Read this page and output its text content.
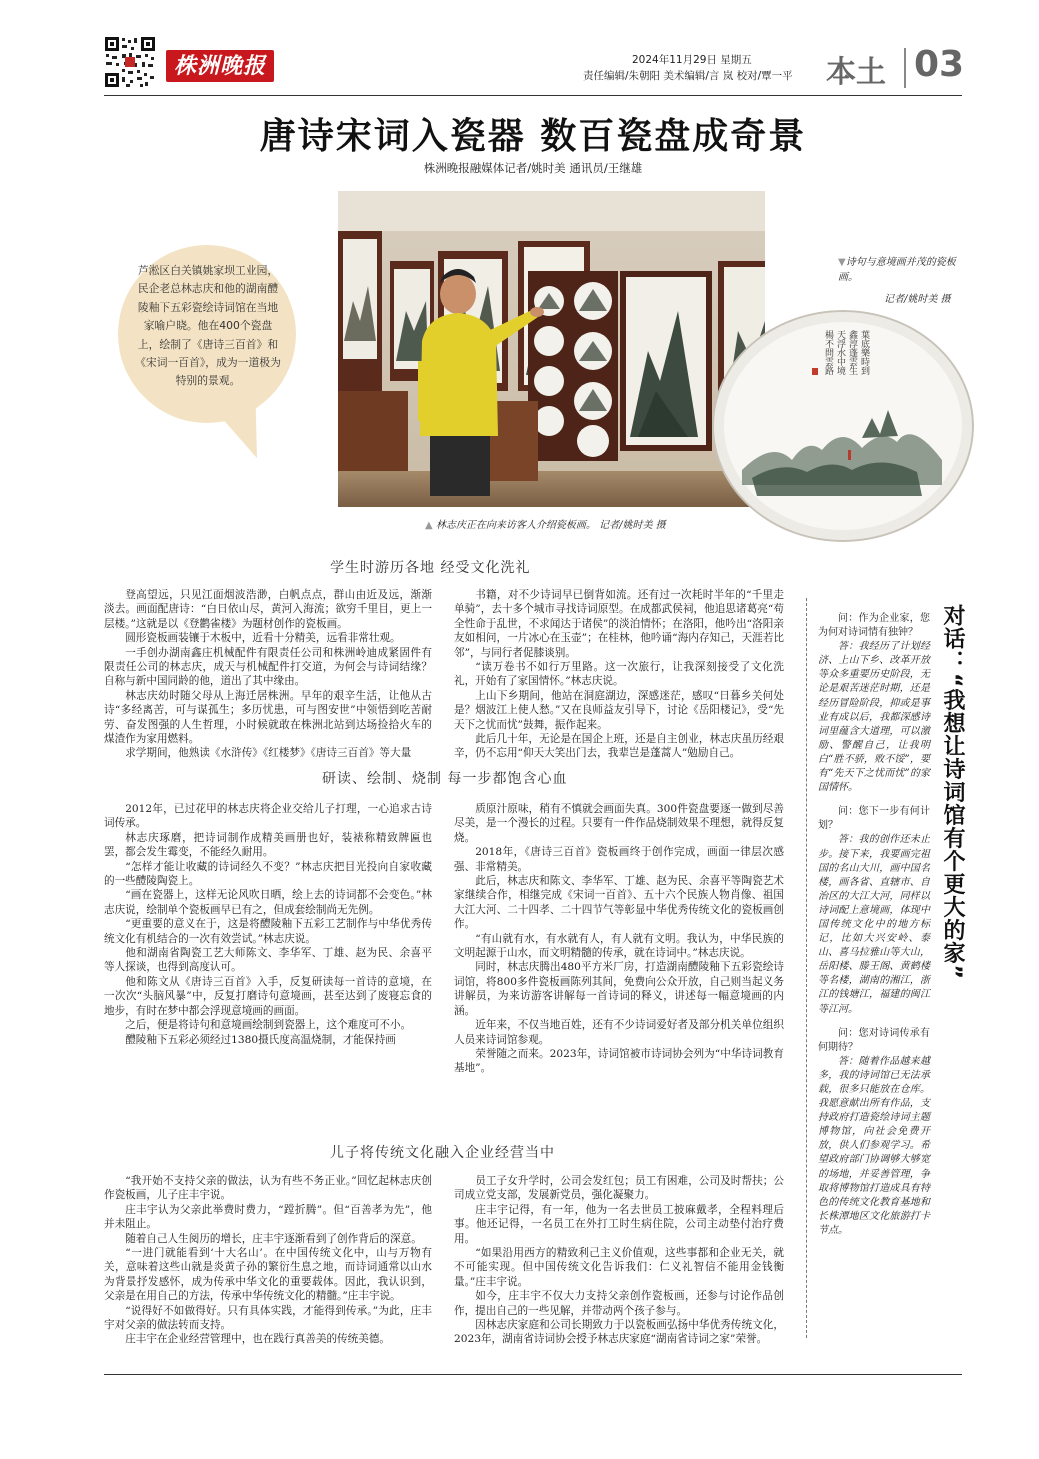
株洲晚报	2024年11月29日 星期五
责任编辑/朱朝阳 美术编辑/言 岚 校对/覃一平 本土 03
唐诗宋词入瓷器 数百瓷盘成奇景
株洲晚报融媒体记者/姚时美 通讯员/王继雄
▲ 林志庆正在向来访客人介绍瓷板画。 记者/姚时美 摄
芦淞区白关镇姚家坝工业园，民企老总林志庆和他的湖南醴陵釉下五彩瓷绘诗词馆在当地家喻户晓。他在400个瓷盘上，绘制了《唐诗三百首》和《宋词一百首》，成为一道极为特别的景观。
葉底樂時到
鑫淳蓬雲生
天浮水中境
楊不問雲路
▼诗句与意境画并茂的瓷板画。
记者/姚时美 摄
学生时游历各地 经受文化洗礼

登高望远，只见江面烟波浩渺，白帆点点，群山由近及远，渐渐淡去。画面配唐诗：“白日依山尽，黄河入海流；欲穷千里目，更上一层楼。”这就是以《登鹳雀楼》为题材创作的瓷板画。

圆形瓷板画装镶于木板中，近看十分精美，远看非常壮观。

一手创办湖南鑫庄机械配件有限责任公司和株洲岭迪成紧固件有限责任公司的林志庆，成天与机械配件打交道，为何会与诗词结缘？自称与新中国同龄的他，道出了其中缘由。

林志庆幼时随父母从上海迁居株洲。早年的艰辛生活，让他从古诗“多经离苦，可与谋孤生；多历忧患，可与图安世”中领悟到吃苦耐劳、奋发图强的人生哲理，小时候就敢在株洲北站到达场捡拾火车的煤渣作为家用燃料。

求学期间，他熟读《水浒传》《红楼梦》《唐诗三百首》等大量

书籍，对不少诗词早已倒背如流。还有过一次耗时半年的“千里走单骑”，去十多个城市寻找诗词原型。在成都武侯祠，他追思诸葛亮“苟全性命于乱世，不求闻达于诸侯”的淡泊情怀；在洛阳，他吟出“洛阳亲友如相问，一片冰心在玉壶”；在桂林，他吟诵“海内存知己，天涯若比邻”，与同行者促膝谈别。

“读万卷书不如行万里路。这一次旅行，让我深刻接受了文化洗礼，开始有了家国情怀。”林志庆说。

上山下乡期间，他站在洞庭湖边，深感迷茫，感叹“日暮乡关何处是？烟波江上使人愁。”又在良师益友引导下，讨论《岳阳楼记》，受“先天下之忧而忧”鼓舞，振作起来。

此后几十年，无论是在国企上班，还是自主创业，林志庆虽历经艰辛，仍不忘用“仰天大笑出门去，我辈岂是蓬蒿人”勉励自己。

研读、绘制、烧制 每一步都饱含心血

2012年，已过花甲的林志庆将企业交给儿子打理，一心追求古诗词传承。

林志庆琢磨，把诗词制作成精美画册也好，装裱称精致牌匾也罢，都会发生霉变，不能经久耐用。

“怎样才能让收藏的诗词经久不变？”林志庆把目光投向自家收藏的一些醴陵陶瓷上。

“画在瓷器上，这样无论风吹日晒，绘上去的诗词都不会变色。”林志庆说，绘制单个瓷板画早已有之，但成套绘制尚无先例。

“更重要的意义在于，这是将醴陵釉下五彩工艺制作与中华优秀传统文化有机结合的一次有效尝试。”林志庆说。

他和湖南省陶瓷工艺大师陈文、李华军、丁雄、赵为民、余喜平等人探谈，也得到高度认可。

他和陈文从《唐诗三百首》入手，反复研读每一首诗的意境，在一次次“头脑风暴”中，反复打磨诗句意境画，甚至达到了废寝忘食的地步，有时在梦中都会浮现意境画的画面。

之后，便是将诗句和意境画绘制到瓷器上，这个难度可不小。

醴陵釉下五彩必须经过1380摄氏度高温烧制，才能保持画

质原汁原味，稍有不慎就会画面失真。300件瓷盘要逐一做到尽善尽美，是一个漫长的过程。只要有一件作品烧制效果不理想，就得反复烧。

2018年，《唐诗三百首》瓷板画终于创作完成，画面一律层次感强、非常精美。

此后，林志庆和陈文、李华军、丁雄、赵为民、余喜平等陶瓷艺术家继续合作，相继完成《宋词一百首》、五十六个民族人物肖像、祖国大江大河、二十四孝、二十四节气等彰显中华优秀传统文化的瓷板画创作。

“有山就有水，有水就有人，有人就有文明。我认为，中华民族的文明起源于山水，而文明精髓的传承，就在诗词中。”林志庆说。

同时，林志庆腾出480平方米厂房，打造湖南醴陵釉下五彩瓷绘诗词馆，将800多件瓷板画陈列其间，免费向公众开放，自己则当起义务讲解员，为来访游客讲解每一首诗词的释义，讲述每一幅意境画的内涵。

近年来，不仅当地百姓，还有不少诗词爱好者及部分机关单位组织人员来诗词馆参观。

荣誉随之而来。2023年，诗词馆被市诗词协会列为“中华诗词教育基地”。

儿子将传统文化融入企业经营当中

“我开始不支持父亲的做法，认为有些不务正业。”回忆起林志庆创作瓷板画，儿子庄丰宇说。

庄丰宇认为父亲此举费时费力，“蹚折腾”。但“百善孝为先”，他并未阻止。

随着自己人生阅历的增长，庄丰宇逐渐看到了创作背后的深意。

“一进门就能看到‘十大名山’。在中国传统文化中，山与万物有关，意味着这些山就是炎黄子孙的繁衍生息之地，而诗词通常以山水为背景抒发感怀，成为传承中华文化的重要载体。因此，我认识到，父亲是在用自己的方法，传承中华传统文化的精髓。”庄丰宇说。

“说得好不如做得好。只有具体实践，才能得到传承。”为此，庄丰宇对父亲的做法转而支持。

庄丰宇在企业经营管理中，也在践行真善美的传统美德。

员工子女升学时，公司会发红包；员工有困难，公司及时帮扶；公司成立党支部，发展新党员，强化凝聚力。

庄丰宇记得，有一年，他为一名去世员工披麻戴孝，全程料理后事。他还记得，一名员工在外打工时生病住院，公司主动垫付治疗费用。

“如果沿用西方的精致利己主义价值观，这些事都和企业无关，就不可能实现。但中国传统文化告诉我们：仁义礼智信不能用金钱衡量。”庄丰宇说。

如今，庄丰宇不仅大力支持父亲创作瓷板画，还参与讨论作品创作，提出自己的一些见解，并带动两个孩子参与。

因林志庆家庭和公司长期致力于以瓷板画弘扬中华优秀传统文化，2023年，湖南省诗词协会授予林志庆家庭“湖南省诗词之家”荣誉。

对话：“我想让诗词馆有个更大的家”

问：作为企业家，您为何对诗词情有独钟？

答：我经历了计划经济、上山下乡、改革开放等众多重要历史阶段，无论是艰苦迷茫时期，还是经历冒险阶段，抑或是事业有成以后，我都深感诗词里蕴含大道理，可以激励、警醒自己，让我明白“胜不骄，败不馁”，要有“先天下之忧而忧”的家国情怀。

问：您下一步有何计划？

答：我的创作还未止步。接下来，我要画完祖国的名山大川，画中国名楼，画各省、直辖市、自治区的大江大河，同样以诗词配上意境画，体现中国传统文化中的地方标记，比如大兴安岭、泰山、喜马拉雅山等大山，岳阳楼、滕王阁、黄鹤楼等名楼，湖南的湘江，浙江的钱塘江，福建的闽江等江河。

问：您对诗词传承有何期待？

答：随着作品越来越多，我的诗词馆已无法承载，很多只能放在仓库。我愿意献出所有作品，支持政府打造瓷绘诗词主题博物馆，向社会免费开放，供人们参观学习。希望政府部门协调够大够宽的场地，并妥善管理，争取将博物馆打造成具有特色的传统文化教育基地和长株潭地区文化旅游打卡节点。
